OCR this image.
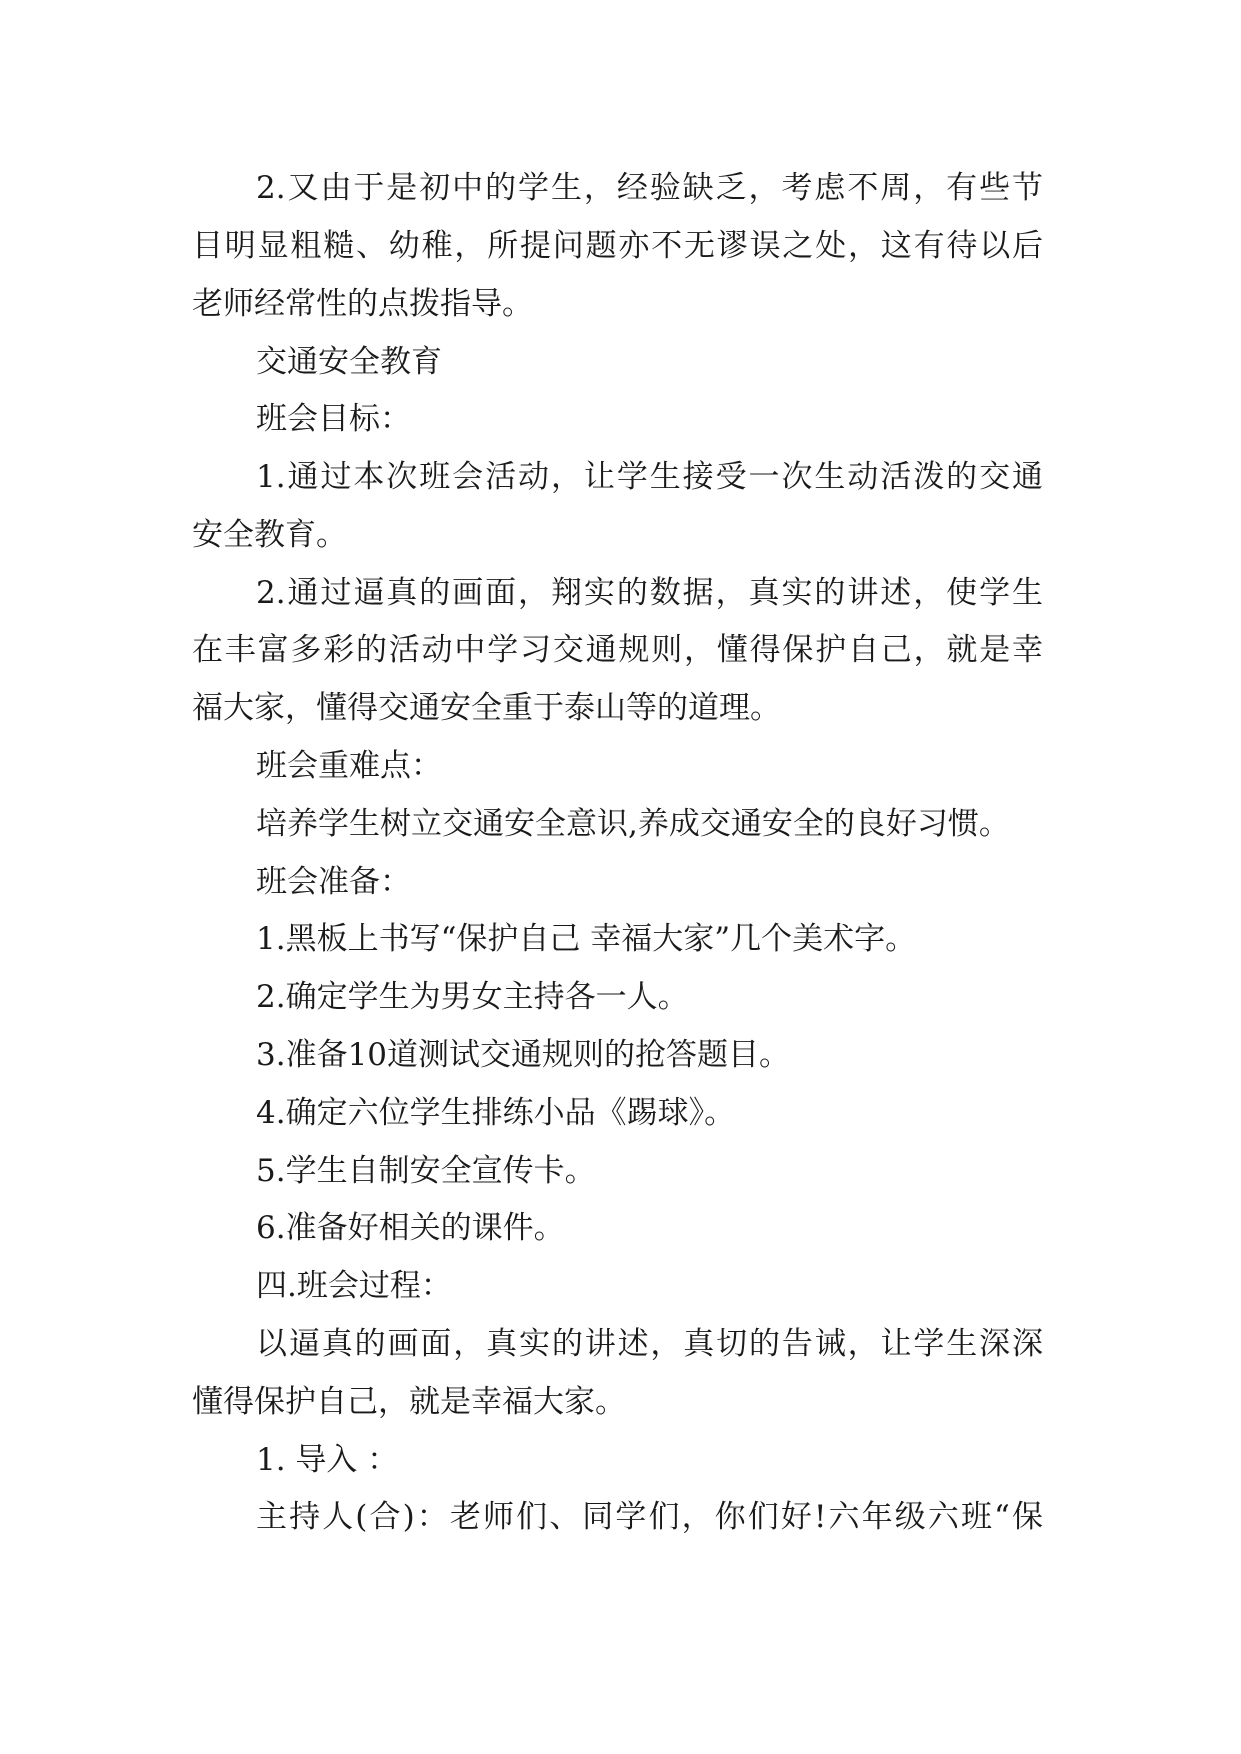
2.又由于是初中的学生，经验缺乏，考虑不周，有些节
目明显粗糙、幼稚，所提问题亦不无谬误之处，这有待以后
老师经常性的点拨指导。
交通安全教育
班会目标：
1.通过本次班会活动，让学生接受一次生动活泼的交通
安全教育。
2.通过逼真的画面，翔实的数据，真实的讲述，使学生
在丰富多彩的活动中学习交通规则，懂得保护自己，就是幸
福大家，懂得交通安全重于泰山等的道理。
班会重难点：
培养学生树立交通安全意识,养成交通安全的良好习惯。
班会准备：
1.黑板上书写“保护自己 幸福大家”几个美术字。
2.确定学生为男女主持各一人。
3.准备10道测试交通规则的抢答题目。
4.确定六位学生排练小品《踢球》。
5.学生自制安全宣传卡。
6.准备好相关的课件。
四.班会过程：
以逼真的画面，真实的讲述，真切的告诫，让学生深深
懂得保护自己，就是幸福大家。
1. 导入 ：
主持人(合)：老师们、同学们，你们好!六年级六班“保
